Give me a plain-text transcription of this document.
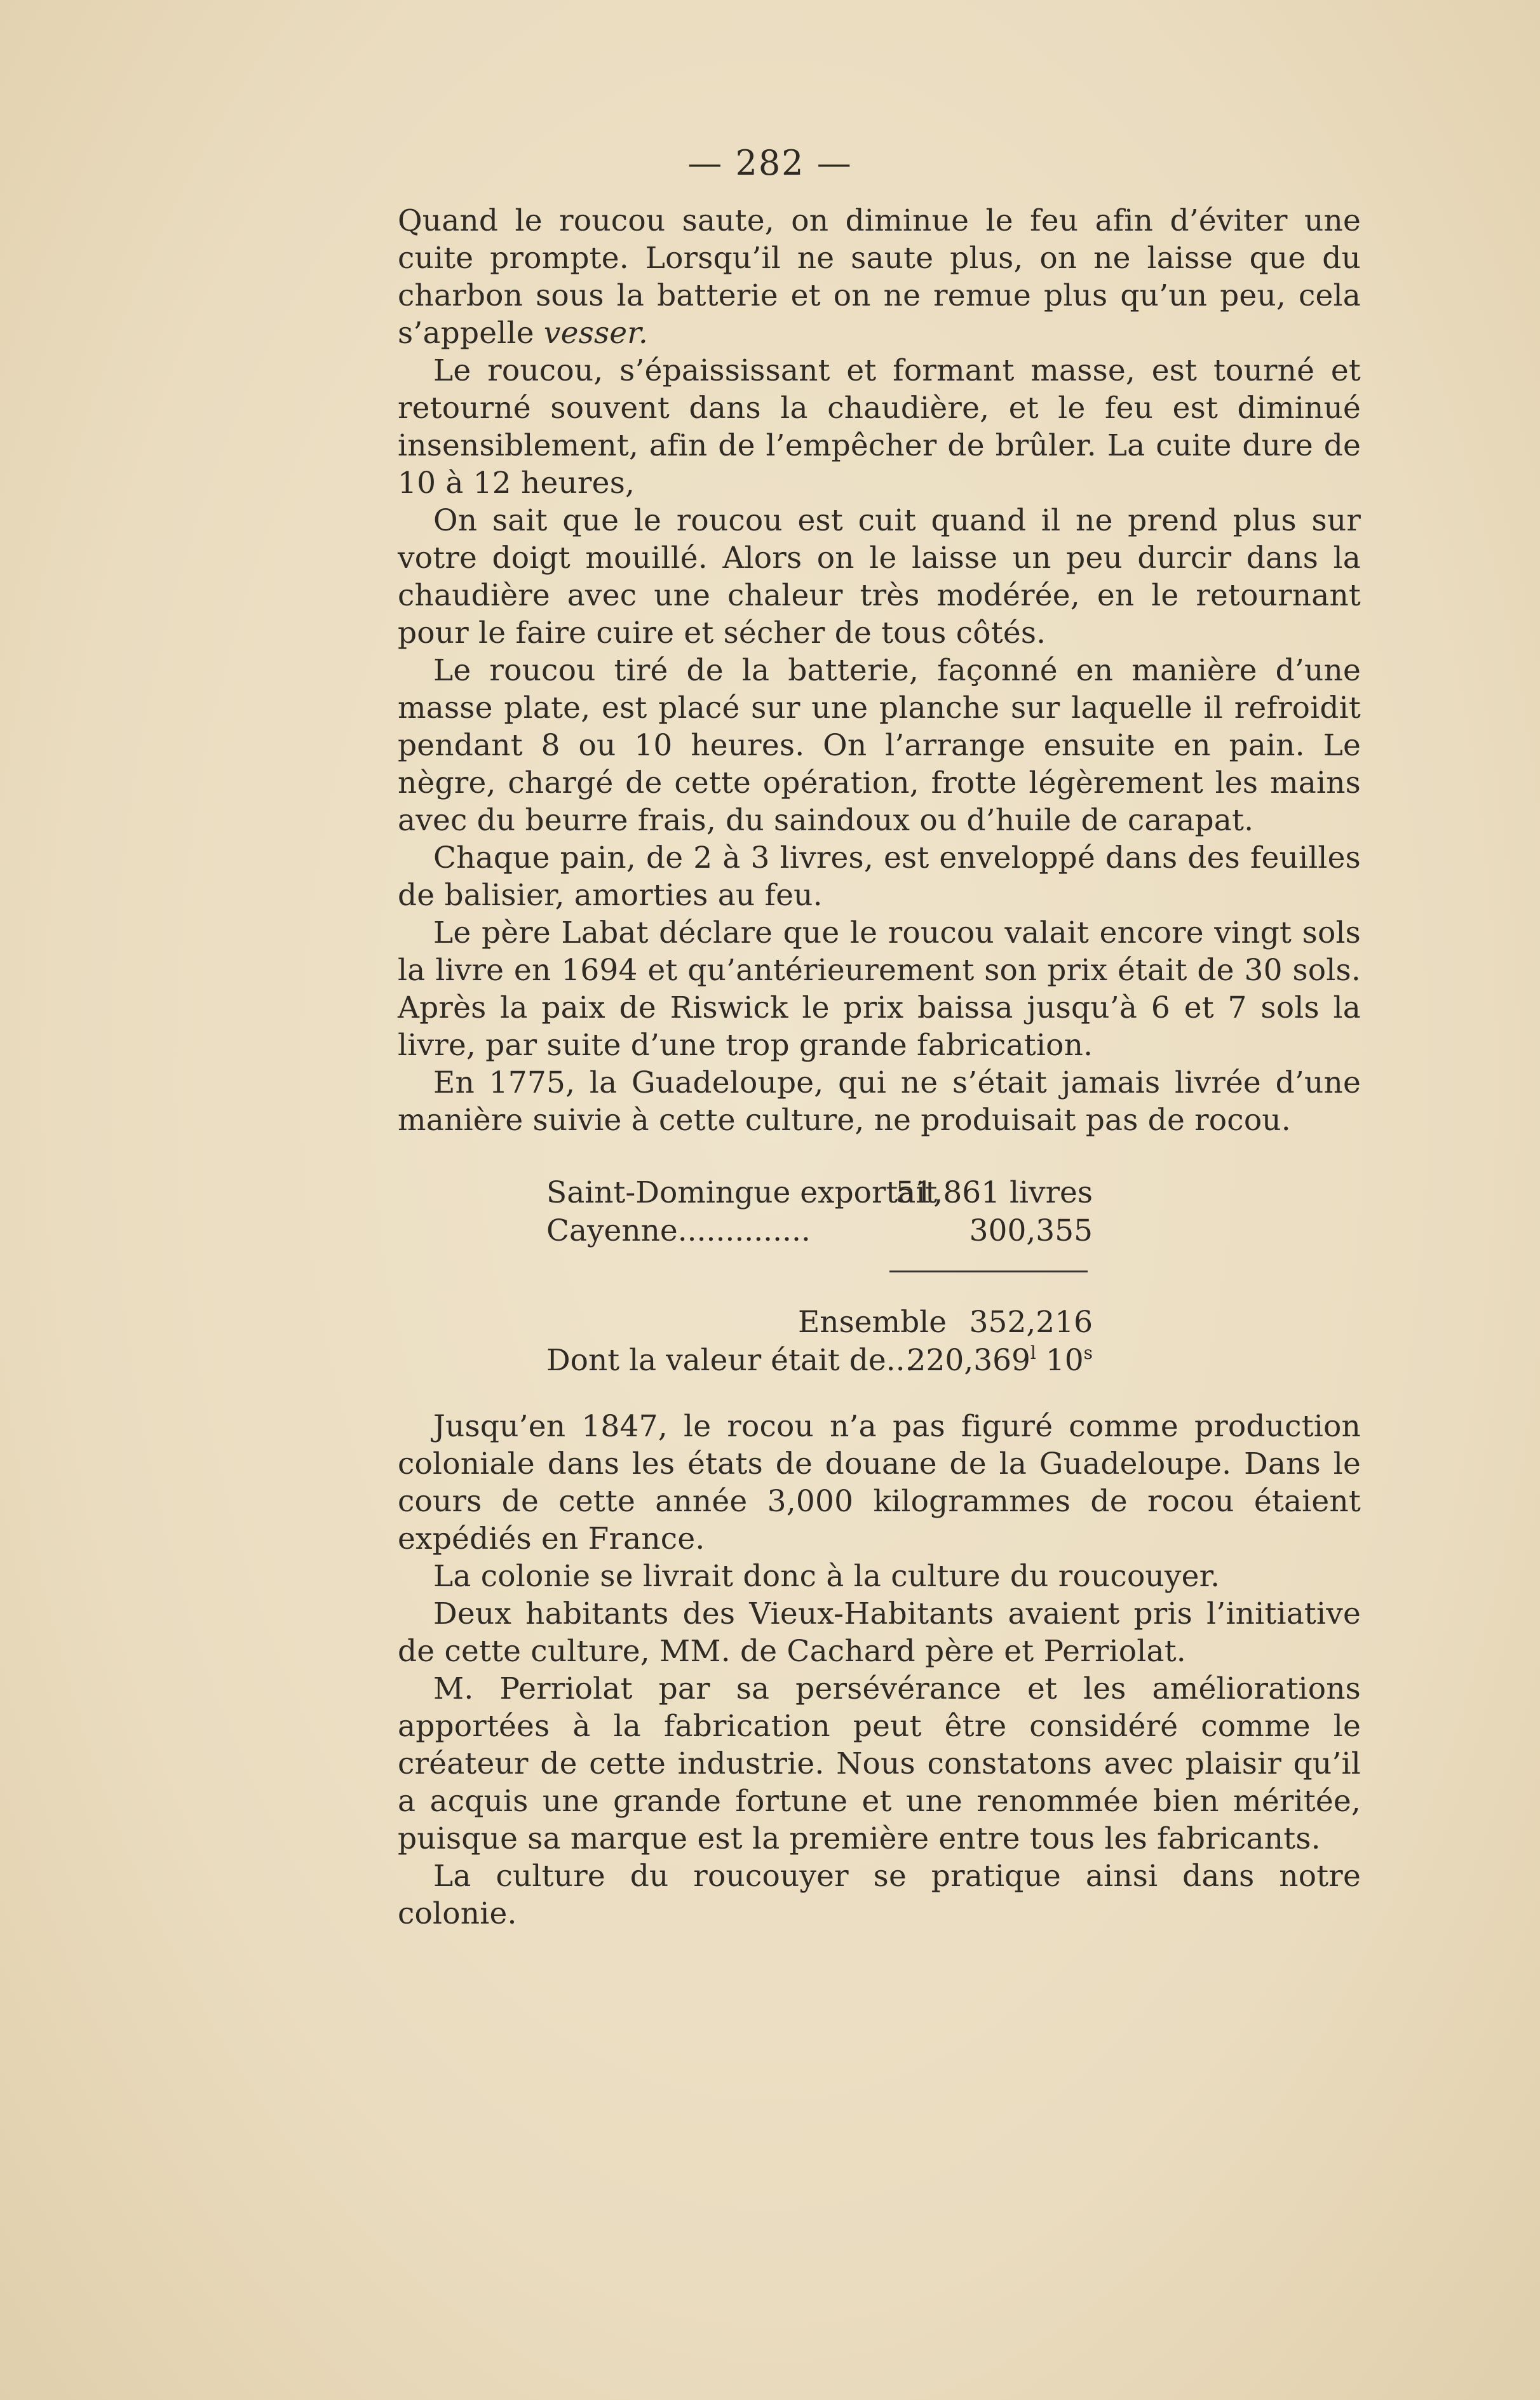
— 282 —

Quand le roucou saute, on diminue le feu afin d’éviter une cuite prompte. Lorsqu’il ne saute plus, on ne laisse que du charbon sous la batterie et on ne remue plus qu’un peu, cela s’appelle vesser.

Le roucou, s’épaississant et formant masse, est tourné et retourné souvent dans la chaudière, et le feu est diminué insensiblement, afin de l’empêcher de brûler. La cuite dure de 10 à 12 heures,

On sait que le roucou est cuit quand il ne prend plus sur votre doigt mouillé. Alors on le laisse un peu durcir dans la chaudière avec une chaleur très modérée, en le retournant pour le faire cuire et sécher de tous côtés.

Le roucou tiré de la batterie, façonné en manière d’une masse plate, est placé sur une planche sur laquelle il refroidit pendant 8 ou 10 heures. On l’arrange ensuite en pain. Le nègre, chargé de cette opération, frotte légèrement les mains avec du beurre frais, du saindoux ou d’huile de carapat.

Chaque pain, de 2 à 3 livres, est enveloppé dans des feuilles de balisier, amorties au feu.

Le père Labat déclare que le roucou valait encore vingt sols la livre en 1694 et qu’antérieurement son prix était de 30 sols. Après la paix de Riswick le prix baissa jusqu’à 6 et 7 sols la livre, par suite d’une trop grande fabrication.

En 1775, la Guadeloupe, qui ne s’était jamais livrée d’une manière suivie à cette culture, ne produisait pas de rocou.

Saint-Domingue exportait
51,861 livres
Cayenne..............	300,355
Ensemble 352,216
Dont la valeur était de...
220,369$^l$ 10$^s$

Jusqu’en 1847, le rocou n’a pas figuré comme production coloniale dans les états de douane de la Guadeloupe. Dans le cours de cette année 3,000 kilogrammes de rocou étaient expédiés en France.

La colonie se livrait donc à la culture du roucouyer.

Deux habitants des Vieux-Habitants avaient pris l’initiative de cette culture, MM. de Cachard père et Perriolat.

M. Perriolat par sa persévérance et les améliorations apportées à la fabrication peut être considéré comme le créateur de cette industrie. Nous constatons avec plaisir qu’il a acquis une grande fortune et une renommée bien méritée, puisque sa marque est la première entre tous les fabricants.

La culture du roucouyer se pratique ainsi dans notre colonie.
